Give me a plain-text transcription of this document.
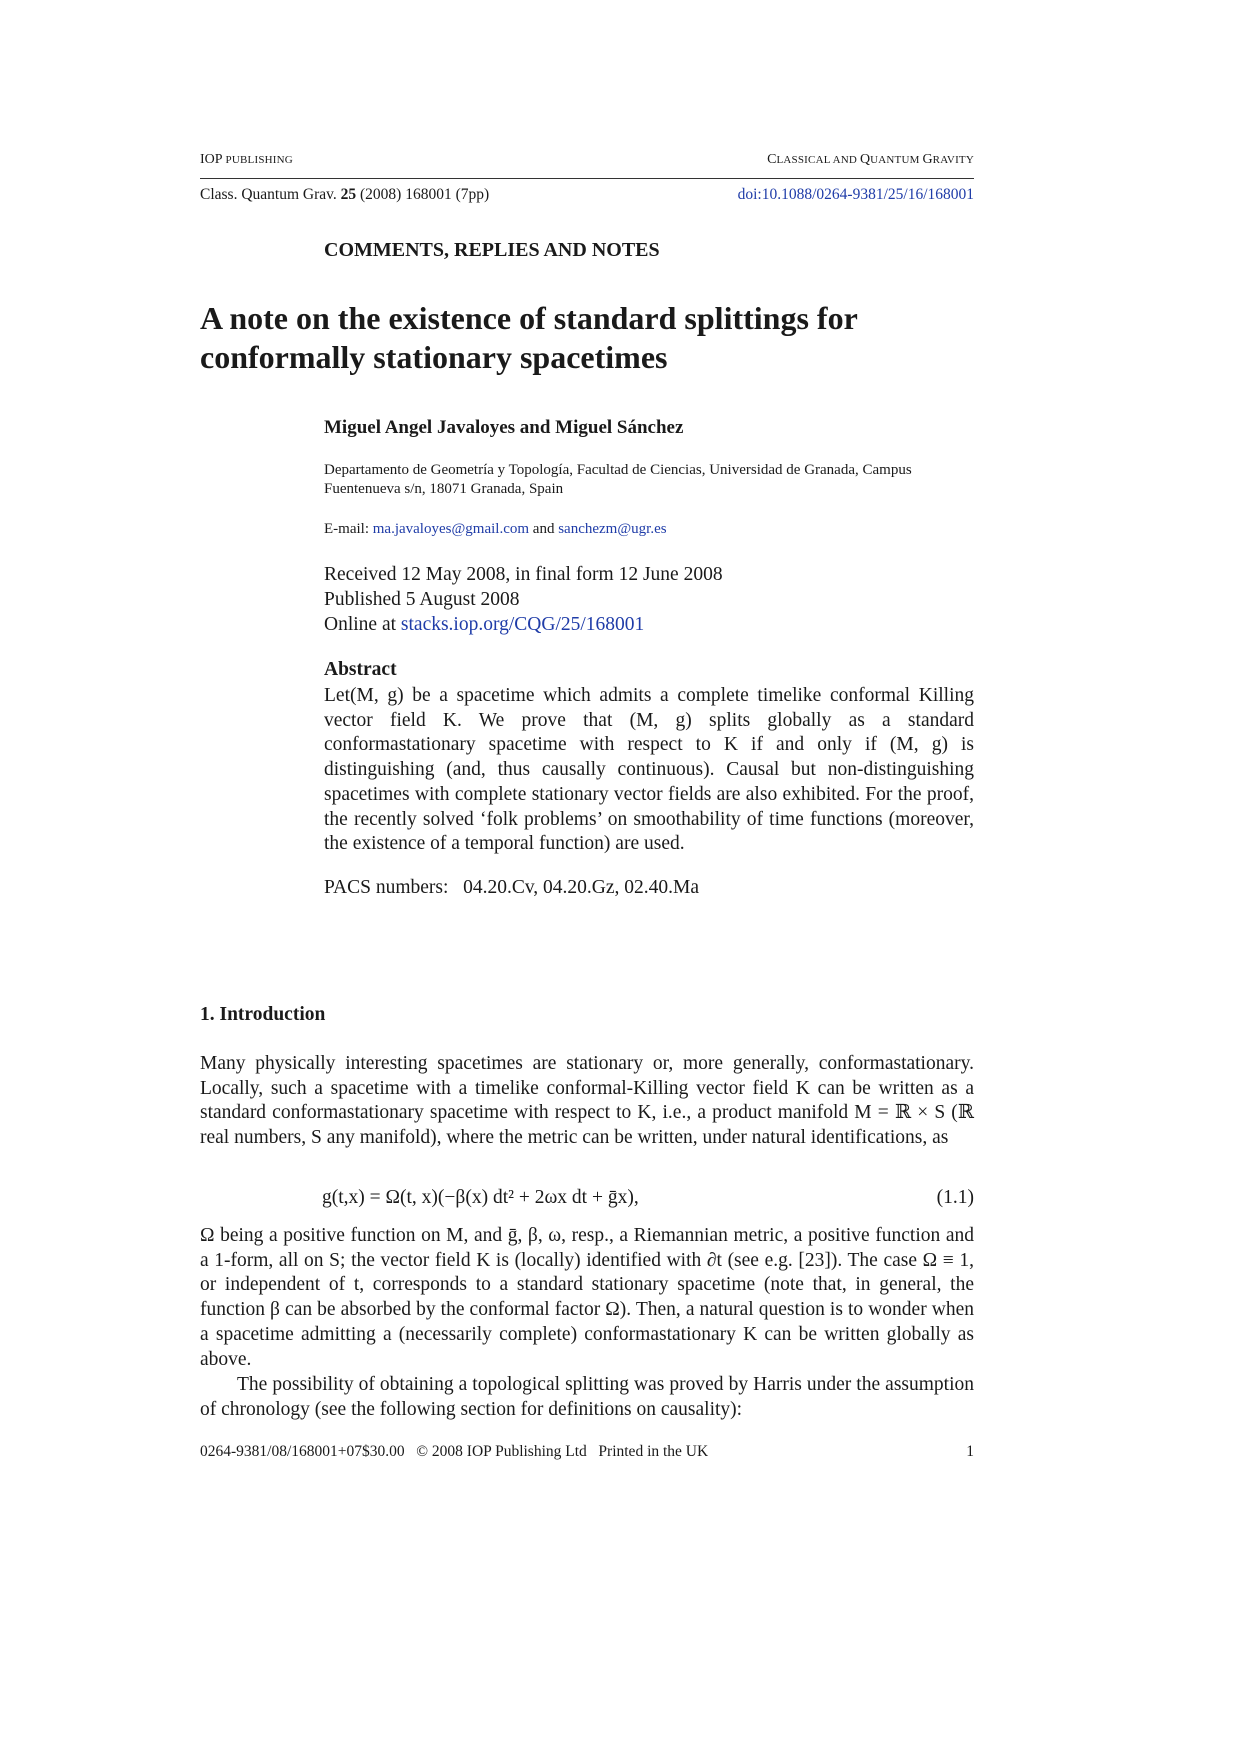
IOP PUBLISHING	CLASSICAL AND QUANTUM GRAVITY
Class. Quantum Grav. 25 (2008) 168001 (7pp)	doi:10.1088/0264-9381/25/16/168001
COMMENTS, REPLIES AND NOTES
A note on the existence of standard splittings for
conformally stationary spacetimes
Miguel Angel Javaloyes and Miguel Sánchez
Departamento de Geometría y Topología, Facultad de Ciencias, Universidad de Granada, Campus Fuentenueva s/n, 18071 Granada, Spain
E-mail: ma.javaloyes@gmail.com and sanchezm@ugr.es
Received 12 May 2008, in final form 12 June 2008
Published 5 August 2008
Online at stacks.iop.org/CQG/25/168001
Abstract

Let(M, g) be a spacetime which admits a complete timelike conformal Killing vector field K. We prove that (M, g) splits globally as a standard conformastationary spacetime with respect to K if and only if (M, g) is distinguishing (and, thus causally continuous). Causal but non-distinguishing spacetimes with complete stationary vector fields are also exhibited. For the proof, the recently solved ‘folk problems’ on smoothability of time functions (moreover, the existence of a temporal function) are used.

PACS numbers: 04.20.Cv, 04.20.Gz, 02.40.Ma
1. Introduction

Many physically interesting spacetimes are stationary or, more generally, conformastationary. Locally, such a spacetime with a timelike conformal-Killing vector field K can be written as a standard conformastationary spacetime with respect to K, i.e., a product manifold M = ℝ × S (ℝ real numbers, S any manifold), where the metric can be written, under natural identifications, as

g(t,x) = Ω(t, x)(−β(x) dt² + 2ωx dt + ḡx),	(1.1)

Ω being a positive function on M, and ḡ, β, ω, resp., a Riemannian metric, a positive function and a 1-form, all on S; the vector field K is (locally) identified with ∂t (see e.g. [23]). The case Ω ≡ 1, or independent of t, corresponds to a standard stationary spacetime (note that, in general, the function β can be absorbed by the conformal factor Ω). Then, a natural question is to wonder when a spacetime admitting a (necessarily complete) conformastationary K can be written globally as above.

The possibility of obtaining a topological splitting was proved by Harris under the assumption of chronology (see the following section for definitions on causality):

0264-9381/08/168001+07$30.00   © 2008 IOP Publishing Ltd   Printed in the UK	1
